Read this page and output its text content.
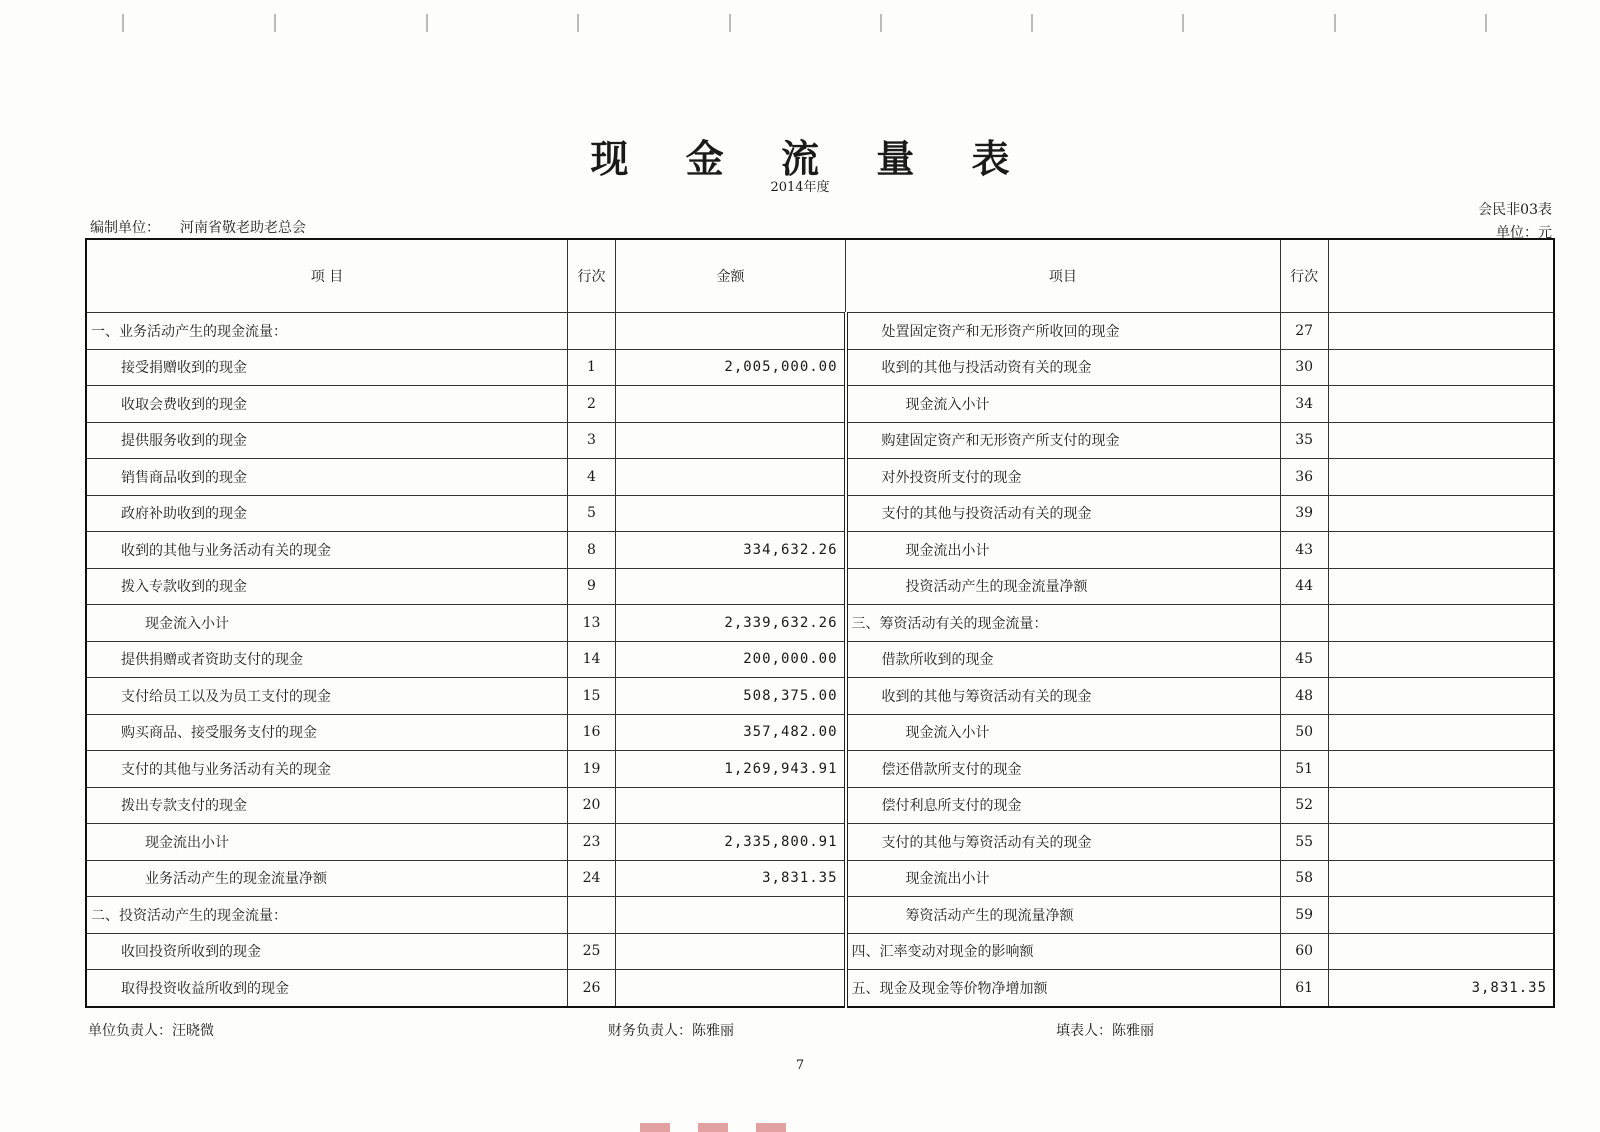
现 金 流 量 表
2014年度
会民非03表
单位：元
编制单位： 河南省敬老助老总会
项 目	行次	金额	项目	行次	
一、业务活动产生的现金流量：			处置固定资产和无形资产所收回的现金	27	
接受捐赠收到的现金	1	2,005,000.00	收到的其他与投活动资有关的现金	30	
收取会费收到的现金	2		现金流入小计	34	
提供服务收到的现金	3		购建固定资产和无形资产所支付的现金	35	
销售商品收到的现金	4		对外投资所支付的现金	36	
政府补助收到的现金	5		支付的其他与投资活动有关的现金	39	
收到的其他与业务活动有关的现金	8	334,632.26	现金流出小计	43	
拨入专款收到的现金	9		投资活动产生的现金流量净额	44	
现金流入小计	13	2,339,632.26	三、筹资活动有关的现金流量：		
提供捐赠或者资助支付的现金	14	200,000.00	借款所收到的现金	45	
支付给员工以及为员工支付的现金	15	508,375.00	收到的其他与筹资活动有关的现金	48	
购买商品、接受服务支付的现金	16	357,482.00	现金流入小计	50	
支付的其他与业务活动有关的现金	19	1,269,943.91	偿还借款所支付的现金	51	
拨出专款支付的现金	20		偿付利息所支付的现金	52	
现金流出小计	23	2,335,800.91	支付的其他与筹资活动有关的现金	55	
业务活动产生的现金流量净额	24	3,831.35	现金流出小计	58	
二、投资活动产生的现金流量：			筹资活动产生的现流量净额	59	
收回投资所收到的现金	25		四、汇率变动对现金的影响额	60	
取得投资收益所收到的现金	26		五、现金及现金等价物净增加额	61	3,831.35
单位负责人：汪晓微	财务负责人：陈雅丽	填表人：陈雅丽
7
